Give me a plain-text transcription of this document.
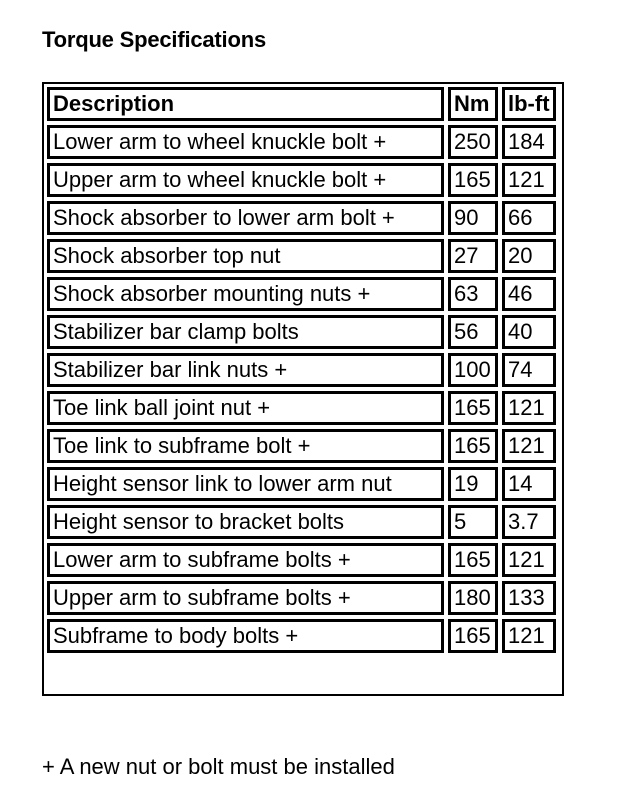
Torque Specifications
Description	Nm	lb-ft
Lower arm to wheel knuckle bolt +	250	184
Upper arm to wheel knuckle bolt +	165	121
Shock absorber to lower arm bolt +	90	66
Shock absorber top nut	27	20
Shock absorber mounting nuts +	63	46
Stabilizer bar clamp bolts	56	40
Stabilizer bar link nuts +	100	74
Toe link ball joint nut +	165	121
Toe link to subframe bolt +	165	121
Height sensor link to lower arm nut	19	14
Height sensor to bracket bolts	5	3.7
Lower arm to subframe bolts +	165	121
Upper arm to subframe bolts +	180	133
Subframe to body bolts +	165	121
+ A new nut or bolt must be installed
